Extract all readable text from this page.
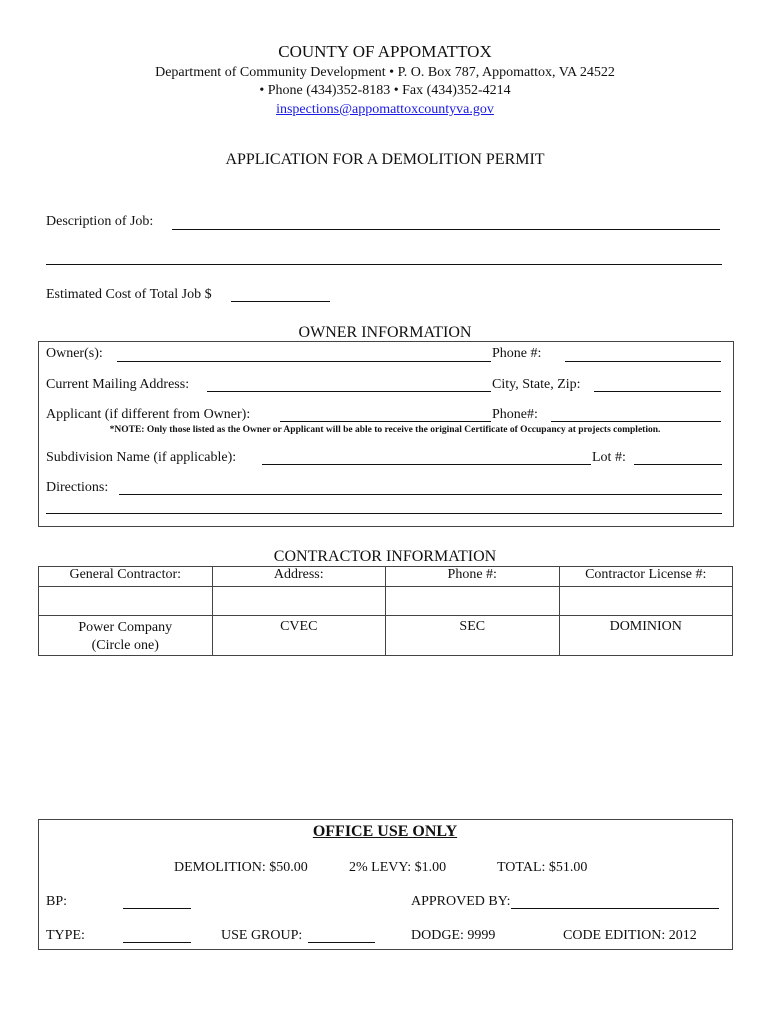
COUNTY OF APPOMATTOX
Department of Community Development • P. O. Box 787, Appomattox, VA 24522
• Phone (434)352-8183 • Fax (434)352-4214
inspections@appomattoxcountyva.gov
APPLICATION FOR A DEMOLITION PERMIT
Description of Job:
Estimated Cost of Total Job $
OWNER INFORMATION
Owner(s):	Phone #:
Current Mailing Address:	City, State, Zip:
Applicant (if different from Owner):	Phone#:
*NOTE: Only those listed as the Owner or Applicant will be able to receive the original Certificate of Occupancy at projects completion.
Subdivision Name (if applicable):	Lot #:
Directions:
CONTRACTOR INFORMATION
General Contractor:	Address:	Phone #:	Contractor License #:

Power Company
(Circle one)	CVEC	SEC	DOMINION
OFFICE USE ONLY
DEMOLITION: $50.00	2% LEVY: $1.00	TOTAL: $51.00
BP:	APPROVED BY:
TYPE:	USE GROUP:	DODGE: 9999	CODE EDITION: 2012
